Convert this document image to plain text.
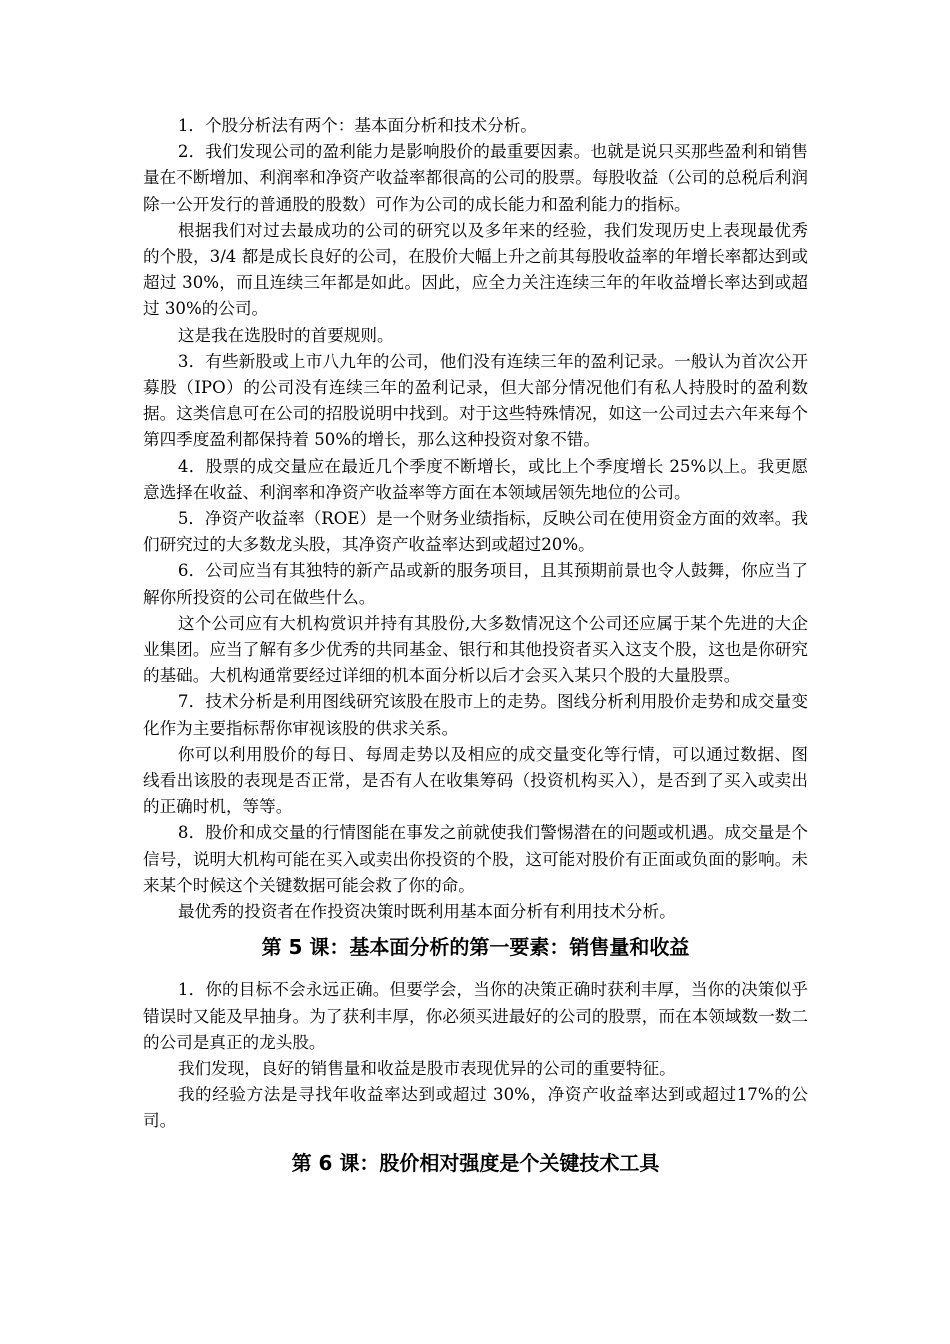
1．个股分析法有两个：基本面分析和技术分析。

2．我们发现公司的盈利能力是影响股价的最重要因素。也就是说只买那些盈利和销售量在不断增加、利润率和净资产收益率都很高的公司的股票。每股收益（公司的总税后利润除一公开发行的普通股的股数）可作为公司的成长能力和盈利能力的指标。

根据我们对过去最成功的公司的研究以及多年来的经验，我们发现历史上表现最优秀的个股，3/4 都是成长良好的公司，在股价大幅上升之前其每股收益率的年增长率都达到或超过 30%，而且连续三年都是如此。因此，应全力关注连续三年的年收益增长率达到或超过 30%的公司。

这是我在选股时的首要规则。

3．有些新股或上市八九年的公司，他们没有连续三年的盈利记录。一般认为首次公开募股（IPO）的公司没有连续三年的盈利记录，但大部分情况他们有私人持股时的盈利数据。这类信息可在公司的招股说明中找到。对于这些特殊情况，如这一公司过去六年来每个第四季度盈利都保持着 50%的增长，那么这种投资对象不错。

4．股票的成交量应在最近几个季度不断增长，或比上个季度增长 25%以上。我更愿意选择在收益、利润率和净资产收益率等方面在本领域居领先地位的公司。

5．净资产收益率（ROE）是一个财务业绩指标，反映公司在使用资金方面的效率。我们研究过的大多数龙头股，其净资产收益率达到或超过20%。

6．公司应当有其独特的新产品或新的服务项目，且其预期前景也令人鼓舞，你应当了解你所投资的公司在做些什么。

这个公司应有大机构赏识并持有其股份,大多数情况这个公司还应属于某个先进的大企业集团。应当了解有多少优秀的共同基金、银行和其他投资者买入这支个股，这也是你研究的基础。大机构通常要经过详细的机本面分析以后才会买入某只个股的大量股票。

7．技术分析是利用图线研究该股在股市上的走势。图线分析利用股价走势和成交量变化作为主要指标帮你审视该股的供求关系。

你可以利用股价的每日、每周走势以及相应的成交量变化等行情，可以通过数据、图线看出该股的表现是否正常，是否有人在收集筹码（投资机构买入），是否到了买入或卖出的正确时机，等等。

8．股价和成交量的行情图能在事发之前就使我们警惕潜在的问题或机遇。成交量是个信号，说明大机构可能在买入或卖出你投资的个股，这可能对股价有正面或负面的影响。未来某个时候这个关键数据可能会救了你的命。

最优秀的投资者在作投资决策时既利用基本面分析有利用技术分析。

第 5 课：基本面分析的第一要素：销售量和收益

1．你的目标不会永远正确。但要学会，当你的决策正确时获利丰厚，当你的决策似乎错误时又能及早抽身。为了获利丰厚，你必须买进最好的公司的股票，而在本领域数一数二的公司是真正的龙头股。

我们发现，良好的销售量和收益是股市表现优异的公司的重要特征。

我的经验方法是寻找年收益率达到或超过 30%，净资产收益率达到或超过17%的公司。

第 6 课：股价相对强度是个关键技术工具
